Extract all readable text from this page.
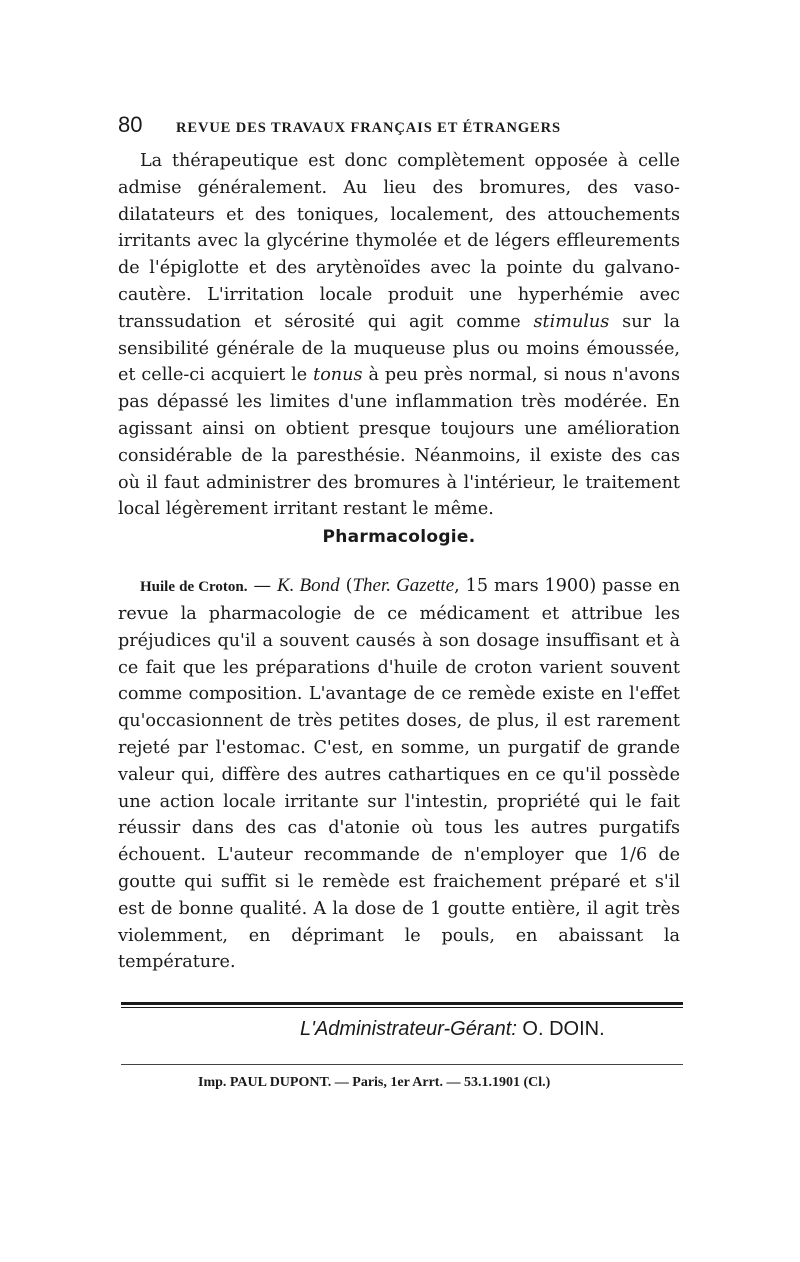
80	REVUE DES TRAVAUX FRANÇAIS ET ÉTRANGERS

La thérapeutique est donc complètement opposée à celle admise généralement. Au lieu des bromures, des vaso-dilatateurs et des toniques, localement, des attouchements irritants avec la glycérine thymolée et de légers effleurements de l'épiglotte et des arytènoïdes avec la pointe du galvano-cautère. L'irritation locale produit une hyperhémie avec transsudation et sérosité qui agit comme stimulus sur la sensibilité générale de la muqueuse plus ou moins émoussée, et celle-ci acquiert le tonus à peu près normal, si nous n'avons pas dépassé les limites d'une inflammation très modérée. En agissant ainsi on obtient presque toujours une amélioration considérable de la paresthésie. Néanmoins, il existe des cas où il faut administrer des bromures à l'intérieur, le traitement local légèrement irritant restant le même.

Pharmacologie.

Huile de Croton. — K. Bond (Ther. Gazette, 15 mars 1900) passe en revue la pharmacologie de ce médicament et attribue les préjudices qu'il a souvent causés à son dosage insuffisant et à ce fait que les préparations d'huile de croton varient souvent comme composition. L'avantage de ce remède existe en l'effet qu'occasionnent de très petites doses, de plus, il est rarement rejeté par l'estomac. C'est, en somme, un purgatif de grande valeur qui, diffère des autres cathartiques en ce qu'il possède une action locale irritante sur l'intestin, propriété qui le fait réussir dans des cas d'atonie où tous les autres purgatifs échouent. L'auteur recommande de n'employer que 1/6 de goutte qui suffit si le remède est fraichement préparé et s'il est de bonne qualité. A la dose de 1 goutte entière, il agit très violemment, en déprimant le pouls, en abaissant la température.

L'Administrateur-Gérant: O. DOIN.
Imp. PAUL DUPONT. — Paris, 1er Arrt. — 53.1.1901 (Cl.)
